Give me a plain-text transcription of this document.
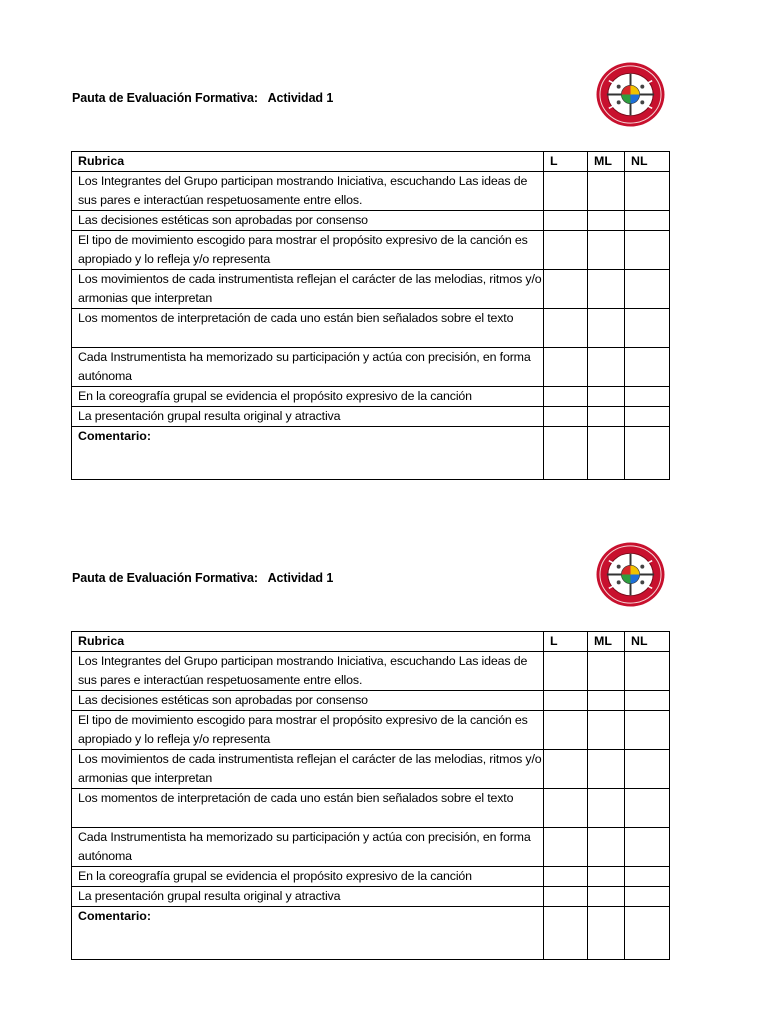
Pauta de Evaluación Formativa:   Actividad 1
Rubrica	L	ML	NL
Los Integrantes del Grupo participan mostrando Iniciativa, escuchando Las ideas de sus pares e interactúan respetuosamente entre ellos.			
Las decisiones estéticas son aprobadas por consenso			
El tipo de movimiento escogido para mostrar el propósito expresivo de la canción es apropiado y lo refleja y/o representa			
Los movimientos de cada instrumentista reflejan el carácter de las melodias, ritmos y/o armonias que interpretan			
Los momentos de interpretación de cada uno están bien señalados sobre el texto			
Cada Instrumentista ha memorizado su participación y actúa con precisión, en forma autónoma			
En la coreografía grupal se evidencia el propósito expresivo de la canción			
La presentación grupal resulta original y atractiva			
Comentario:			
Pauta de Evaluación Formativa:   Actividad 1
Rubrica	L	ML	NL
Los Integrantes del Grupo participan mostrando Iniciativa, escuchando Las ideas de sus pares e interactúan respetuosamente entre ellos.			
Las decisiones estéticas son aprobadas por consenso			
El tipo de movimiento escogido para mostrar el propósito expresivo de la canción es apropiado y lo refleja y/o representa			
Los movimientos de cada instrumentista reflejan el carácter de las melodias, ritmos y/o armonias que interpretan			
Los momentos de interpretación de cada uno están bien señalados sobre el texto			
Cada Instrumentista ha memorizado su participación y actúa con precisión, en forma autónoma			
En la coreografía grupal se evidencia el propósito expresivo de la canción			
La presentación grupal resulta original y atractiva			
Comentario:			
